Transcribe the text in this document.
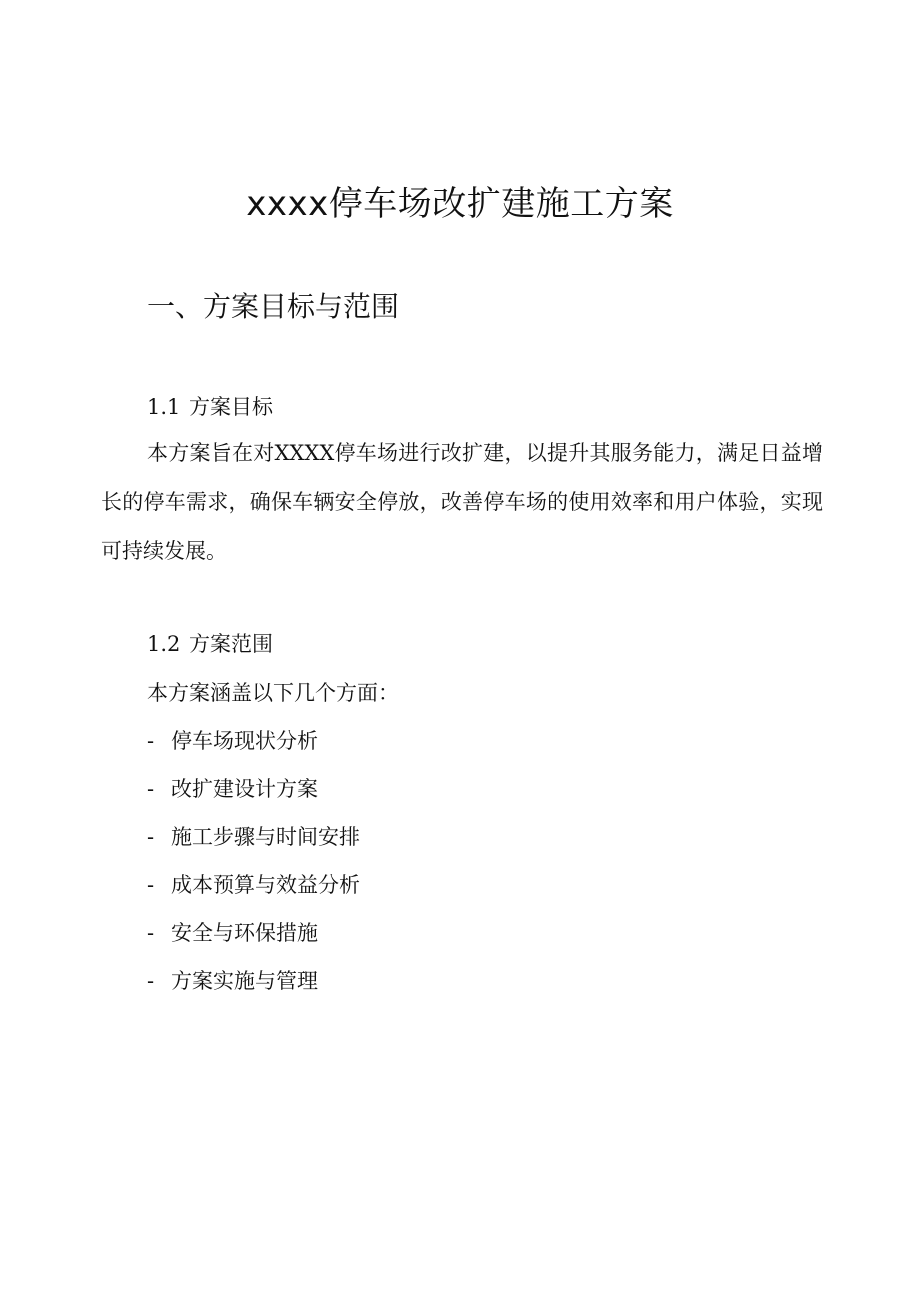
xxxx停车场改扩建施工方案
一、方案目标与范围
1.1 方案目标

本方案旨在对XXXX停车场进行改扩建，以提升其服务能力，满足日益增长的停车需求，确保车辆安全停放，改善停车场的使用效率和用户体验，实现可持续发展。

1.2 方案范围
本方案涵盖以下几个方面：
- 停车场现状分析
- 改扩建设计方案
- 施工步骤与时间安排
- 成本预算与效益分析
- 安全与环保措施
- 方案实施与管理
